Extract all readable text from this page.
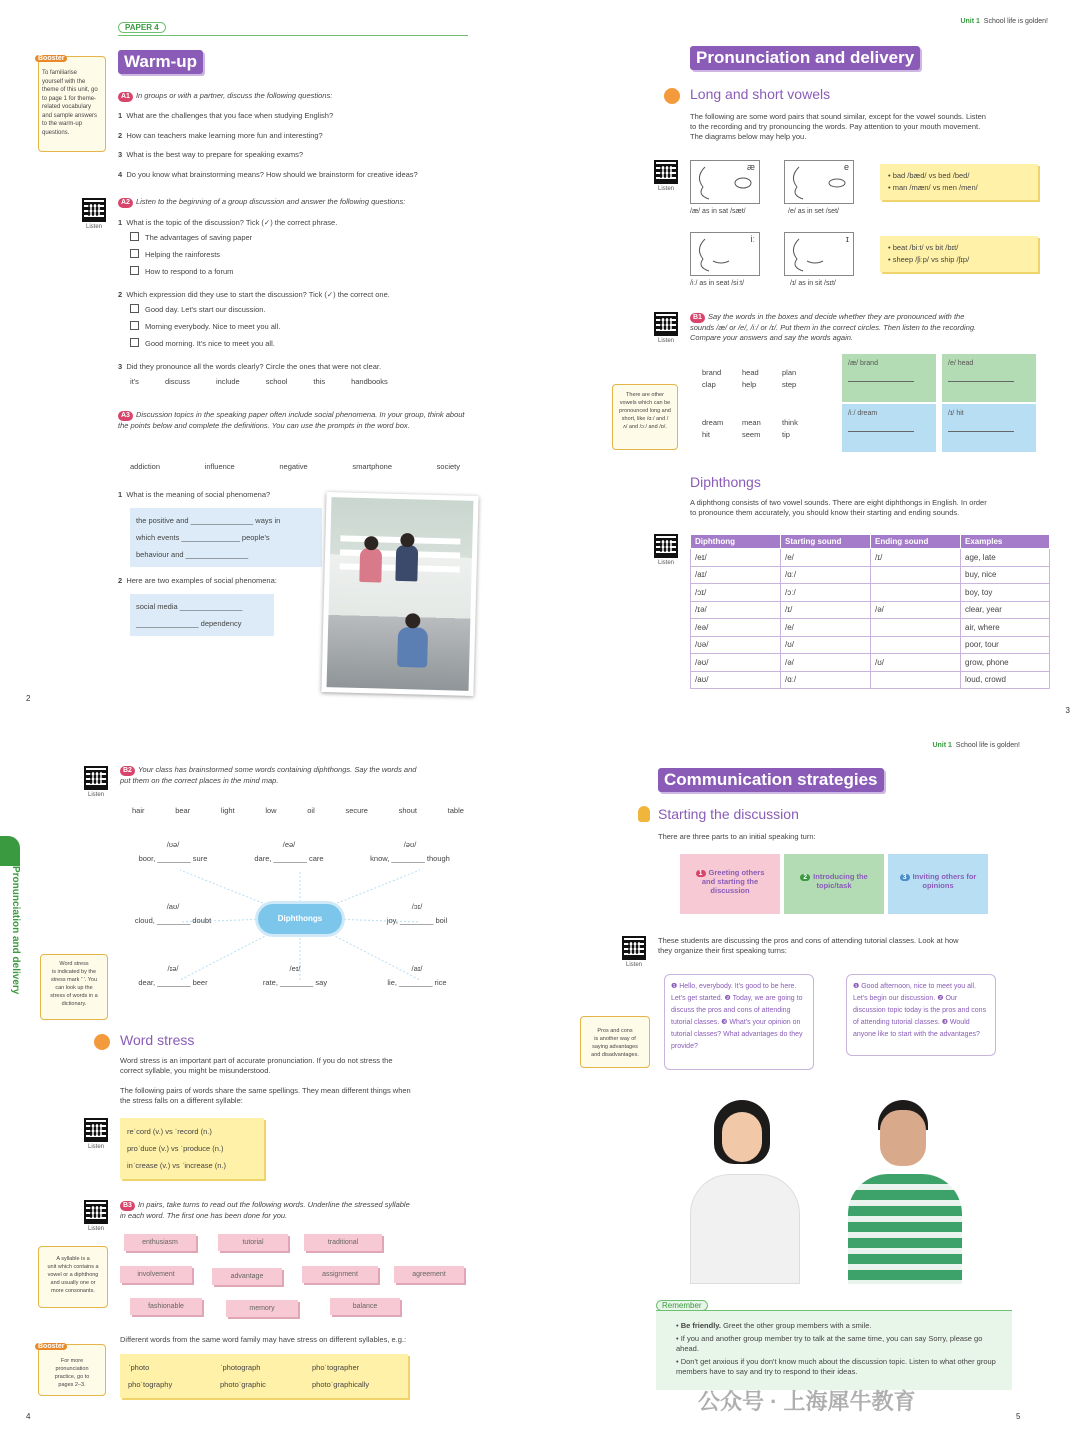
PAPER 4
Warm-up
Booster
To familiarise
yourself with the
theme of this unit, go
to page 1 for theme-
related vocabulary
and sample answers
to the warm-up
questions.
A1 In groups or with a partner, discuss the following questions:
1 What are the challenges that you face when studying English?
2 How can teachers make learning more fun and interesting?
3 What is the best way to prepare for speaking exams?
4 Do you know what brainstorming means? How should we brainstorm for creative ideas?
Listen
A2 Listen to the beginning of a group discussion and answer the following questions:
1 What is the topic of the discussion? Tick (✓) the correct phrase.
The advantages of saving paper
Helping the rainforests
How to respond to a forum
2 Which expression did they use to start the discussion? Tick (✓) the correct one.
Good day. Let's start our discussion.
Morning everybody. Nice to meet you all.
Good morning. It's nice to meet you all.
3 Did they pronounce all the words clearly? Circle the ones that were not clear.
it's	discuss	include	school	this	handbooks
A3 Discussion topics in the speaking paper often include social phenomena. In your group, think about the points below and complete the definitions. You can use the prompts in the word box.
addiction	influence	negative	smartphone	society
1 What is the meaning of social phenomena?
the positive and _______________ ways in
which events ______________ people's
behaviour and _______________
2 Here are two examples of social phenomena:
social media _______________
_______________ dependency
2
Unit 1 School life is golden!
Pronunciation and delivery
Long and short vowels
The following are some word pairs that sound similar, except for the vowel sounds. Listen
to the recording and try pronouncing the words. Pay attention to your mouth movement.
The diagrams below may help you.
Listen
æ	e
/æ/ as in sat /sæt/	/e/ as in set /set/
iː	ɪ
/iː/ as in seat /siːt/	/ɪ/ as in sit /sɪt/
• bad /bæd/ vs bed /bed/
• man /mæn/ vs men /men/
• beat /biːt/ vs bit /bɪt/
• sheep /ʃiːp/ vs ship /ʃɪp/
Listen
B1 Say the words in the boxes and decide whether they are pronounced with the
sounds /æ/ or /e/, /iː/ or /ɪ/. Put them in the correct circles. Then listen to the recording.
Compare your answers and say the words again.
There are other
vowels which can be
pronounced long and
short, like /ɑː/ and /
ʌ/ and /ɔː/ and /ɒ/.
brand	head	plan
clap	help	step
dream	mean	think
hit	seem	tip
/æ/ brand	/e/ head
/iː/ dream	/ɪ/ hit
Diphthongs
A diphthong consists of two vowel sounds. There are eight diphthongs in English. In order
to pronounce them accurately, you should know their starting and ending sounds.
Listen
Diphthong	Starting sound	Ending sound	Examples
/eɪ/	/e/	/ɪ/	age, late
/aɪ/	/ɑː/		buy, nice
/ɔɪ/	/ɔː/		boy, toy
/ɪə/	/ɪ/	/ə/	clear, year
/eə/	/e/		air, where
/ʊə/	/ʊ/		poor, tour
/əʊ/	/ə/	/ʊ/	grow, phone
/aʊ/	/ɑː/		loud, crowd
3
Pronunciation and delivery
Listen
B2 Your class has brainstormed some words containing diphthongs. Say the words and
put them on the correct places in the mind map.
hair	bear	light	low	oil	secure	shout	table
/ʊə/
boor, ________ sure
/eə/
dare, ________ care
/əʊ/
know, ________ though
/aʊ/
cloud, ________ doubt	Diphthongs
/ɔɪ/
joy, ________ boil
/ɪə/
dear, ________ beer
/eɪ/
rate, ________ say
/aɪ/
lie, ________ rice
Word stress
is indicated by the
stress mark 'ˈ'. You
can look up the
stress of words in a
dictionary.
Word stress
Word stress is an important part of accurate pronunciation. If you do not stress the
correct syllable, you might be misunderstood.
The following pairs of words share the same spellings. They mean different things when
the stress falls on a different syllable:
Listen
reˈcord (v.) vs ˈrecord (n.)
proˈduce (v.) vs ˈproduce (n.)
inˈcrease (v.) vs ˈincrease (n.)
Listen
B3 In pairs, take turns to read out the following words. Underline the stressed syllable
in each word. The first one has been done for you.
enthusiasm	tutorial	traditional
involvement	advantage	assignment	agreement
fashionable	memory	balance
A syllable is a
unit which contains a
vowel or a diphthong
and usually one or
more consonants.
Different words from the same word family may have stress on different syllables, e.g.:
ˈphoto	ˈphotograph	phoˈtographer
phoˈtography	photoˈgraphic	photoˈgraphically
Booster
For more
pronunciation
practice, go to
pages 2–3.
4
Unit 1 School life is golden!
Communication strategies
Starting the discussion
There are three parts to an initial speaking turn:
1 Greeting others and starting the discussion
2 Introducing the topic/task
3 Inviting others for opinions
Listen
These students are discussing the pros and cons of attending tutorial classes. Look at how
they organize their first speaking turns:
Pros and cons
is another way of
saying advantages
and disadvantages.
❶ Hello, everybody. It's good to be here. Let's get started. ❷ Today, we are going to discuss the pros and cons of attending tutorial classes. ❸ What's your opinion on tutorial classes? What advantages do they provide?
❶ Good afternoon, nice to meet you all. Let's begin our discussion. ❷ Our discussion topic today is the pros and cons of attending tutorial classes. ❸ Would anyone like to start with the advantages?
Remember
• Be friendly. Greet the other group members with a smile.
• If you and another group member try to talk at the same time, you can say Sorry, please go ahead.
• Don't get anxious if you don't know much about the discussion topic. Listen to what other group members have to say and try to respond to their ideas.
公众号 · 上海犀牛教育
5
